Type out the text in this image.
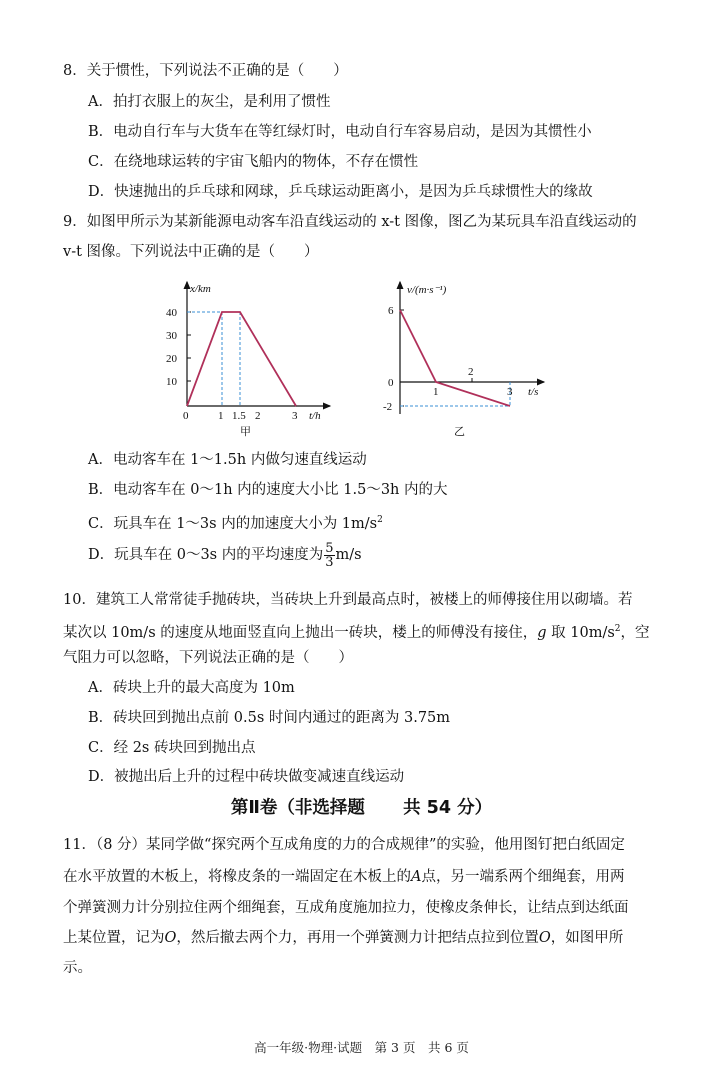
8．关于惯性，下列说法不正确的是（　　）
A．拍打衣服上的灰尘，是利用了惯性
B．电动自行车与大货车在等红绿灯时，电动自行车容易启动，是因为其惯性小
C．在绕地球运转的宇宙飞船内的物体，不存在惯性
D．快速抛出的乒乓球和网球，乒乓球运动距离小，是因为乒乓球惯性大的缘故
9．如图甲所示为某新能源电动客车沿直线运动的 x-t 图像，图乙为某玩具车沿直线运动的
v-t 图像。下列说法中正确的是（　　）
x/km
10
20
30
40
0	1 1.5 2	3 t/h
甲
v/(m·s⁻¹)
6
2
0
-2
1	3 t/s
乙
A．电动客车在 1～1.5h 内做匀速直线运动
B．电动客车在 0～1h 内的速度大小比 1.5～3h 内的大
C．玩具车在 1～3s 内的加速度大小为 $1m/s^2$
D．玩具车在 0～3s 内的平均速度为 $\frac{5}{3} m/s$
10．建筑工人常常徒手抛砖块，当砖块上升到最高点时，被楼上的师傅接住用以砌墙。若
某次以 10m/s 的速度从地面竖直向上抛出一砖块，楼上的师傅没有接住，g 取 $10m/s^2$，空
气阻力可以忽略，下列说法正确的是（　　）
A．砖块上升的最大高度为 10m
B．砖块回到抛出点前 0.5s 时间内通过的距离为 3.75m
C．经 2s 砖块回到抛出点
D．被抛出后上升的过程中砖块做变减速直线运动
第Ⅱ卷（非选择题 共 54 分）
11．（8 分）某同学做“探究两个互成角度的力的合成规律”的实验，他用图钉把白纸固定
在水平放置的木板上，将橡皮条的一端固定在木板上的A点，另一端系两个细绳套，用两
个弹簧测力计分别拉住两个细绳套，互成角度施加拉力，使橡皮条伸长，让结点到达纸面
上某位置，记为O，然后撤去两个力，再用一个弹簧测力计把结点拉到位置O，如图甲所
示。
高一年级·物理·试题　第 3 页　共 6 页
